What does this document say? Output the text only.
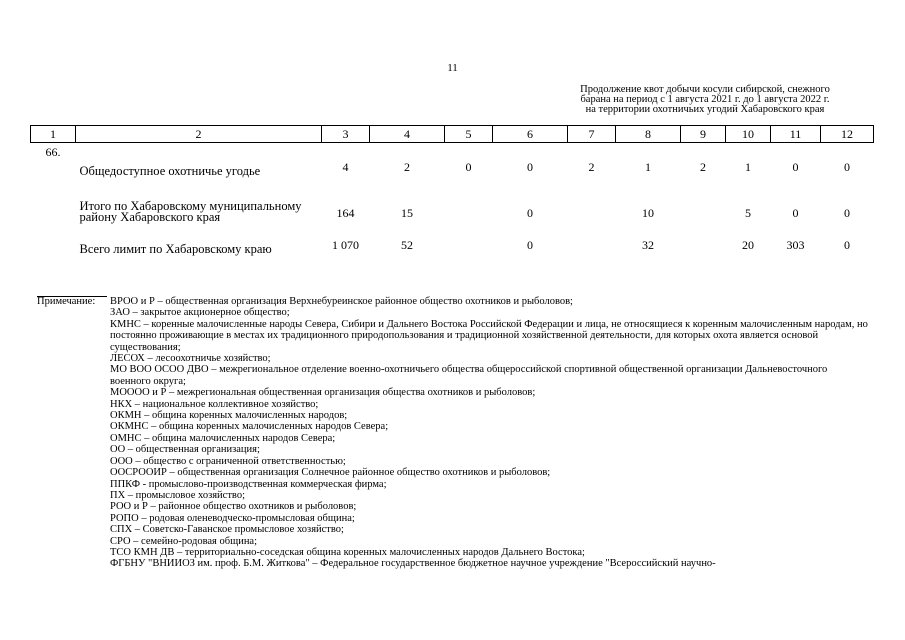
11
Продолжение квот добычи косули сибирской, снежного
барана на период с 1 августа 2021 г. до 1 августа 2022 г.
на территории охотничьих угодий Хабаровского края
1	2	3	4	5	6	7	8	9	10	11	12
66.	Общедоступное охотничье угодье	4	2	0	0	2	1	2	1	0	0
	Итого по Хабаровскому муниципальному району Хабаровского края	164	15		0		10		5	0	0
	Всего лимит по Хабаровскому краю	1 070	52		0		32		20	303	0
Примечание: ВРОО и Р – общественная организация Верхнебуреинское районное общество охотников и рыболовов;
ЗАО – закрытое акционерное общество;
КМНС – коренные малочисленные народы Севера, Сибири и Дальнего Востока Российской Федерации и лица, не относящиеся к коренным малочисленным народам, но постоянно проживающие в местах их традиционного природопользования и традиционной хозяйственной деятельности, для которых охота является основой существования;
ЛЕСОХ – лесоохотничье хозяйство;
МО ВОО ОСОО ДВО – межрегиональное отделение военно-охотничьего общества общероссийской спортивной общественной организации Дальневосточного военного округа;
МОООО и Р – межрегиональная общественная организация общества охотников и рыболовов;
НКХ – национальное коллективное хозяйство;
ОКМН – община коренных малочисленных народов;
ОКМНС – община коренных малочисленных народов Севера;
ОМНС – община малочисленных народов Севера;
ОО – общественная организация;
ООО – общество с ограниченной ответственностью;
ООСРООИР – общественная организация Солнечное районное общество охотников и рыболовов;
ППКФ - промыслово-производственная коммерческая фирма;
ПХ – промысловое хозяйство;
РОО и Р – районное общество охотников и рыболовов;
РОПО – родовая оленеводческо-промысловая община;
СПХ – Советско-Гаванское промысловое хозяйство;
СРО – семейно-родовая община;
ТСО КМН ДВ – территориально-соседская община коренных малочисленных народов Дальнего Востока;
ФГБНУ "ВНИИОЗ им. проф. Б.М. Житкова" – Федеральное государственное бюджетное научное учреждение "Всероссийский научно-
